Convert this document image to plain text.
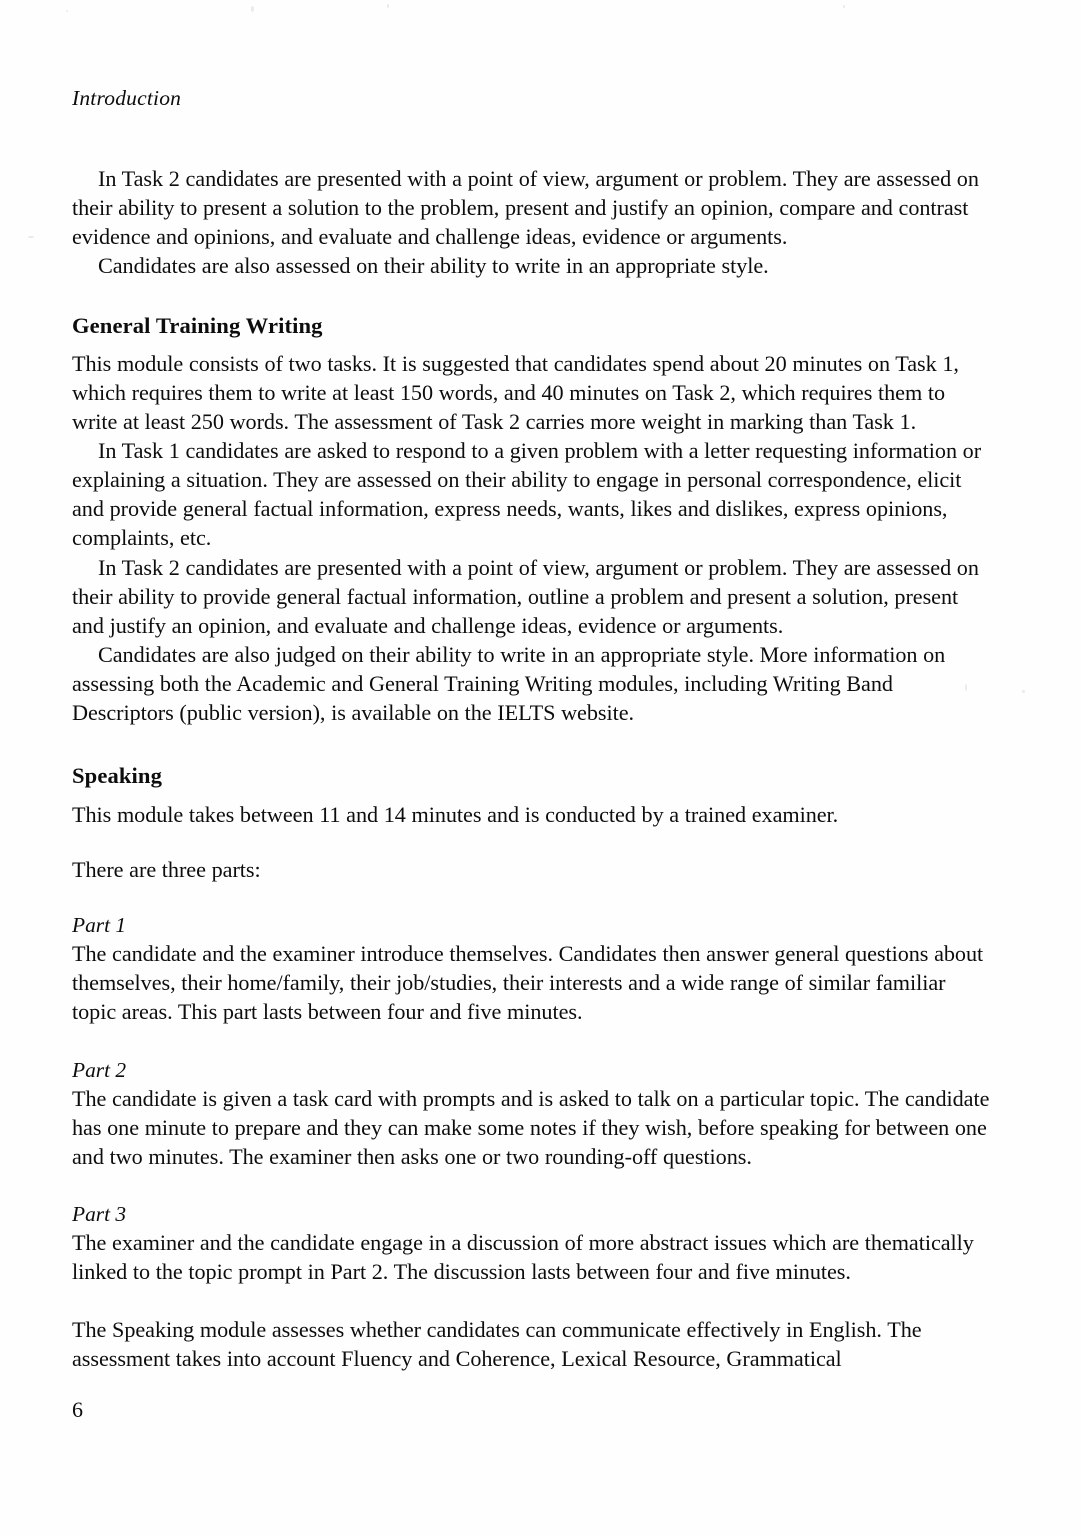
Introduction
In Task 2 candidates are presented with a point of view, argument or problem. They are assessed on their ability to present a solution to the problem, present and justify an opinion, compare and contrast evidence and opinions, and evaluate and challenge ideas, evidence or arguments.
Candidates are also assessed on their ability to write in an appropriate style.
General Training Writing
This module consists of two tasks. It is suggested that candidates spend about 20 minutes on Task 1, which requires them to write at least 150 words, and 40 minutes on Task 2, which requires them to write at least 250 words. The assessment of Task 2 carries more weight in marking than Task 1.
In Task 1 candidates are asked to respond to a given problem with a letter requesting information or explaining a situation. They are assessed on their ability to engage in personal correspondence, elicit and provide general factual information, express needs, wants, likes and dislikes, express opinions, complaints, etc.
In Task 2 candidates are presented with a point of view, argument or problem. They are assessed on their ability to provide general factual information, outline a problem and present a solution, present and justify an opinion, and evaluate and challenge ideas, evidence or arguments.
Candidates are also judged on their ability to write in an appropriate style. More information on assessing both the Academic and General Training Writing modules, including Writing Band Descriptors (public version), is available on the IELTS website.
Speaking
This module takes between 11 and 14 minutes and is conducted by a trained examiner.
There are three parts:
Part 1
The candidate and the examiner introduce themselves. Candidates then answer general questions about themselves, their home/family, their job/studies, their interests and a wide range of similar familiar topic areas. This part lasts between four and five minutes.
Part 2
The candidate is given a task card with prompts and is asked to talk on a particular topic. The candidate has one minute to prepare and they can make some notes if they wish, before speaking for between one and two minutes. The examiner then asks one or two rounding-off questions.
Part 3
The examiner and the candidate engage in a discussion of more abstract issues which are thematically linked to the topic prompt in Part 2. The discussion lasts between four and five minutes.
The Speaking module assesses whether candidates can communicate effectively in English. The assessment takes into account Fluency and Coherence, Lexical Resource, Grammatical
6
